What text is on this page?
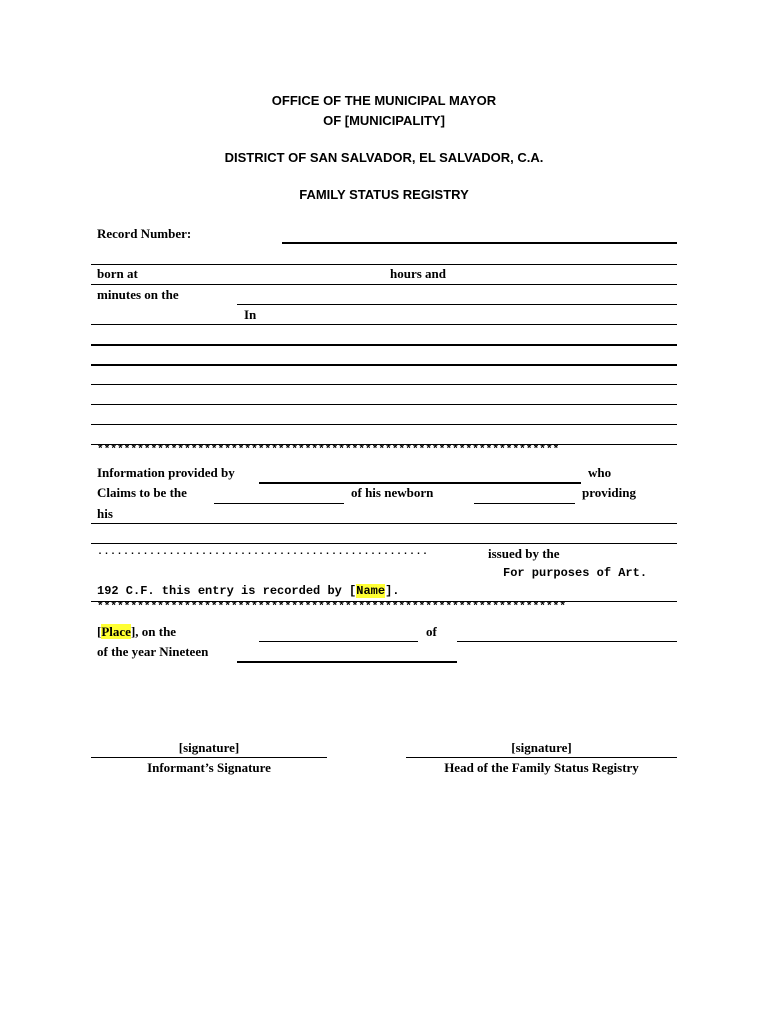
OFFICE OF THE MUNICIPAL MAYOR
OF [MUNICIPALITY]
DISTRICT OF SAN SALVADOR, EL SALVADOR, C.A.
FAMILY STATUS REGISTRY
Record Number:
born at	hours and
minutes on the
In
*********************************************************************
Information provided by	who
Claims to be the	of his newborn	providing
his
...................................................	issued by the
For purposes of Art.
192 C.F. this entry is recorded by [Name].
**********************************************************************
[Place], on the	of
of the year Nineteen
[signature]
Informant’s Signature
[signature]
Head of the Family Status Registry
